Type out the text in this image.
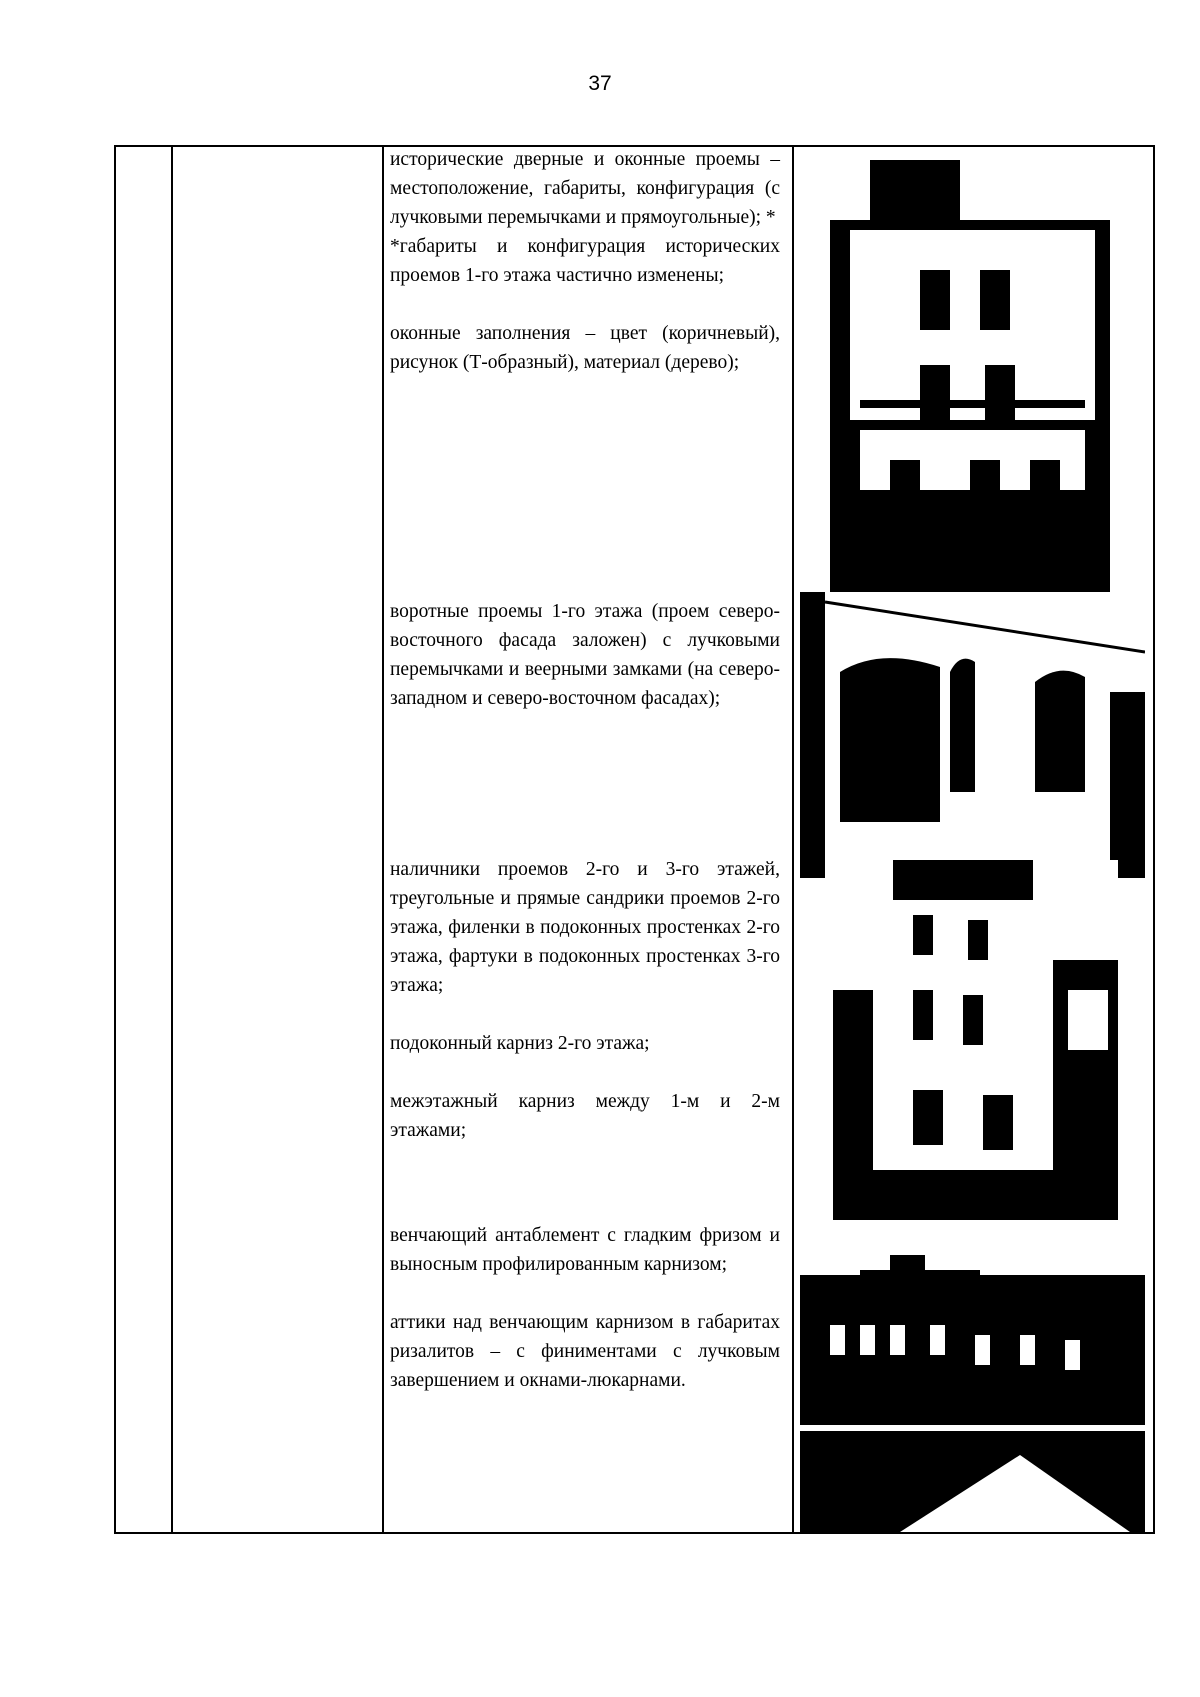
37

исторические дверные и оконные проемы – местоположение, габариты, конфигурация (с лучковыми перемычками и прямоугольные); *

*габариты и конфигурация исторических проемов 1-го этажа частично изменены;

оконные заполнения – цвет (коричневый), рисунок (Т-образный), материал (дерево);

воротные проемы 1-го этажа (проем северо-восточного фасада заложен) с лучковыми перемычками и веерными замками (на северо-западном и северо-восточном фасадах);

наличники проемов 2-го и 3-го этажей, треугольные и прямые сандрики проемов 2-го этажа, филенки в подоконных простенках 2-го этажа, фартуки в подоконных простенках 3-го этажа;

подоконный карниз 2-го этажа;

межэтажный карниз между 1-м и 2-м этажами;

венчающий антаблемент с гладким фризом и выносным профилированным карнизом;

аттики над венчающим карнизом в габаритах ризалитов – с финиментами с лучковым завершением и окнами-люкарнами.
